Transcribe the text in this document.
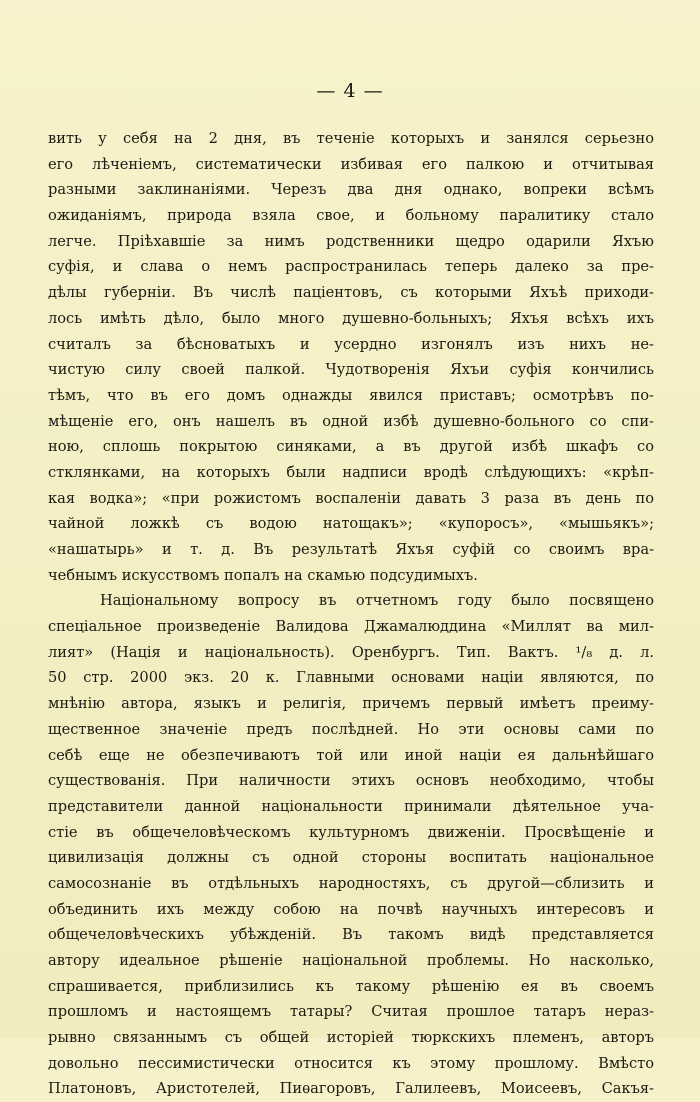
— 4 —
вить у себя на 2 дня, въ теченіе которыхъ и занялся серьезно
его лѣченіемъ, систематически избивая его палкою и отчитывая
разными заклинаніями. Черезъ два дня однако, вопреки всѣмъ
ожиданіямъ, природа взяла свое, и больному паралитику стало
легче. Пріѣхавшіе за нимъ родственники щедро одарили Яхъю
суфія, и слава о немъ распространилась теперь далеко за пре-
дѣлы губерніи. Въ числѣ паціентовъ, съ которыми Яхъѣ приходи-
лось имѣть дѣло, было много душевно-больныхъ; Яхъя всѣхъ ихъ
считалъ за бѣсноватыхъ и усердно изгонялъ изъ нихъ не-
чистую силу своей палкой. Чудотворенія Яхъи суфія кончились
тѣмъ, что въ его домъ однажды явился приставъ; осмотрѣвъ по-
мѣщеніе его, онъ нашелъ въ одной избѣ душевно-больного со спи-
ною, сплошь покрытою синяками, а въ другой избѣ шкафъ со
стклянками, на которыхъ были надписи вродѣ слѣдующихъ: «крѣп-
кая водка»; «при рожистомъ воспаленіи давать 3 раза въ день по
чайной ложкѣ съ водою натощакъ»; «купоросъ», «мышьякъ»;
«нашатырь» и т. д. Въ результатѣ Яхъя суфій со своимъ вра-
чебнымъ искусствомъ попалъ на скамью подсудимыхъ.
Національному вопросу въ отчетномъ году было посвящено
спеціальное произведеніе Валидова Джамалюддина «Миллят ва мил-
лият» (Нація и національность). Оренбургъ. Тип. Вактъ. ¹/₈ д. л.
50 стр. 2000 экз. 20 к. Главными основами націи являются, по
мнѣнію автора, языкъ и религія, причемъ первый имѣетъ преиму-
щественное значеніе предъ послѣдней. Но эти основы сами по
себѣ еще не обезпечиваютъ той или иной націи ея дальнѣйшаго
существованія. При наличности этихъ основъ необходимо, чтобы
представители данной національности принимали дѣятельное уча-
стіе въ общечеловѣческомъ культурномъ движеніи. Просвѣщеніе и
цивилизація должны съ одной стороны воспитать національное
самосознаніе въ отдѣльныхъ народностяхъ, съ другой—сблизить и
объединить ихъ между собою на почвѣ научныхъ интересовъ и
общечеловѣческихъ убѣжденій. Въ такомъ видѣ представляется
автору идеальное рѣшеніе національной проблемы. Но насколько,
спрашивается, приблизились къ такому рѣшенію ея въ своемъ
прошломъ и настоящемъ татары? Считая прошлое татаръ нераз-
рывно связаннымъ съ общей исторіей тюркскихъ племенъ, авторъ
довольно пессимистически относится къ этому прошлому. Вмѣсто
Платоновъ, Аристотелей, Пиѳагоровъ, Галилеевъ, Моисеевъ, Сакъя-
